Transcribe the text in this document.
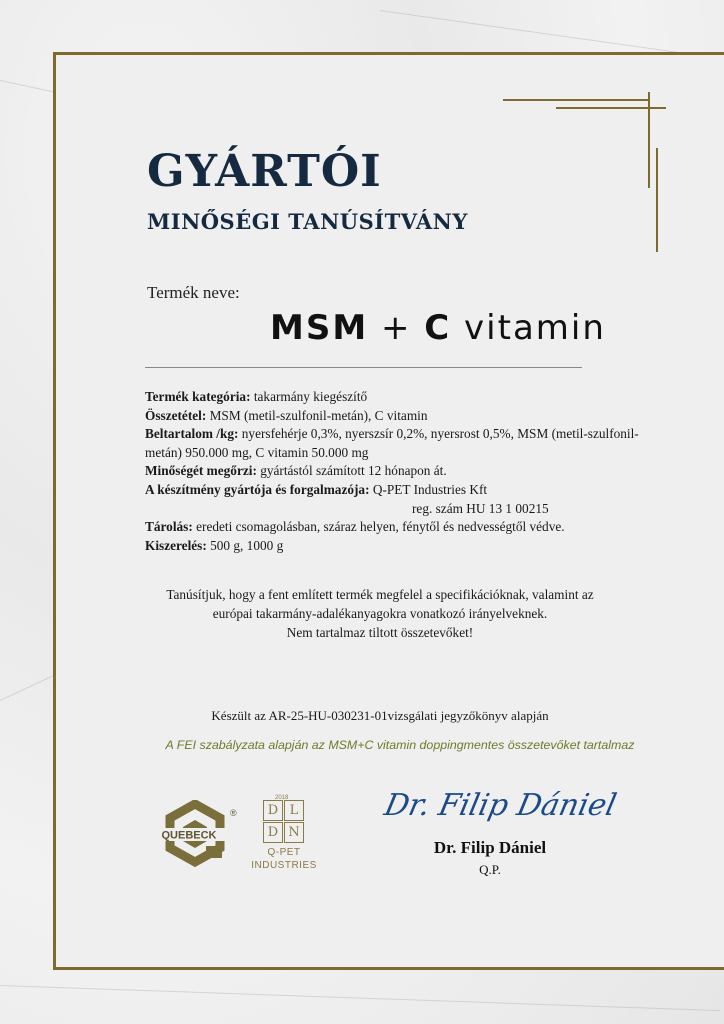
GYÁRTÓI
MINŐSÉGI TANÚSÍTVÁNY
Termék neve:
MSM + C vitamin
Termék kategória: takarmány kiegészítő
Összetétel: MSM (metil-szulfonil-metán), C vitamin
Beltartalom /kg: nyersfehérje 0,3%, nyerszsír 0,2%, nyersrost 0,5%, MSM (metil-szulfonil-metán) 950.000 mg, C vitamin 50.000 mg
Minőségét megőrzi: gyártástól számított 12 hónapon át.
A készítmény gyártója és forgalmazója: Q-PET Industries Kft
reg. szám HU 13 1 00215
Tárolás: eredeti csomagolásban, száraz helyen, fénytől és nedvességtől védve.
Kiszerelés: 500 g, 1000 g
Tanúsítjuk, hogy a fent említett termék megfelel a specifikációknak, valamint az
európai takarmány-adalékanyagokra vonatkozó irányelveknek.
Nem tartalmaz tiltott összetevőket!
Készült az AR-25-HU-030231-01vizsgálati jegyzőkönyv alapján
A FEI szabályzata alapján az MSM+C vitamin doppingmentes összetevőket tartalmaz
QUEBECK
®
2018
D L
D N
Q-PET
INDUSTRIES
Dr. Filip Dániel
Dr. Filip Dániel
Q.P.
